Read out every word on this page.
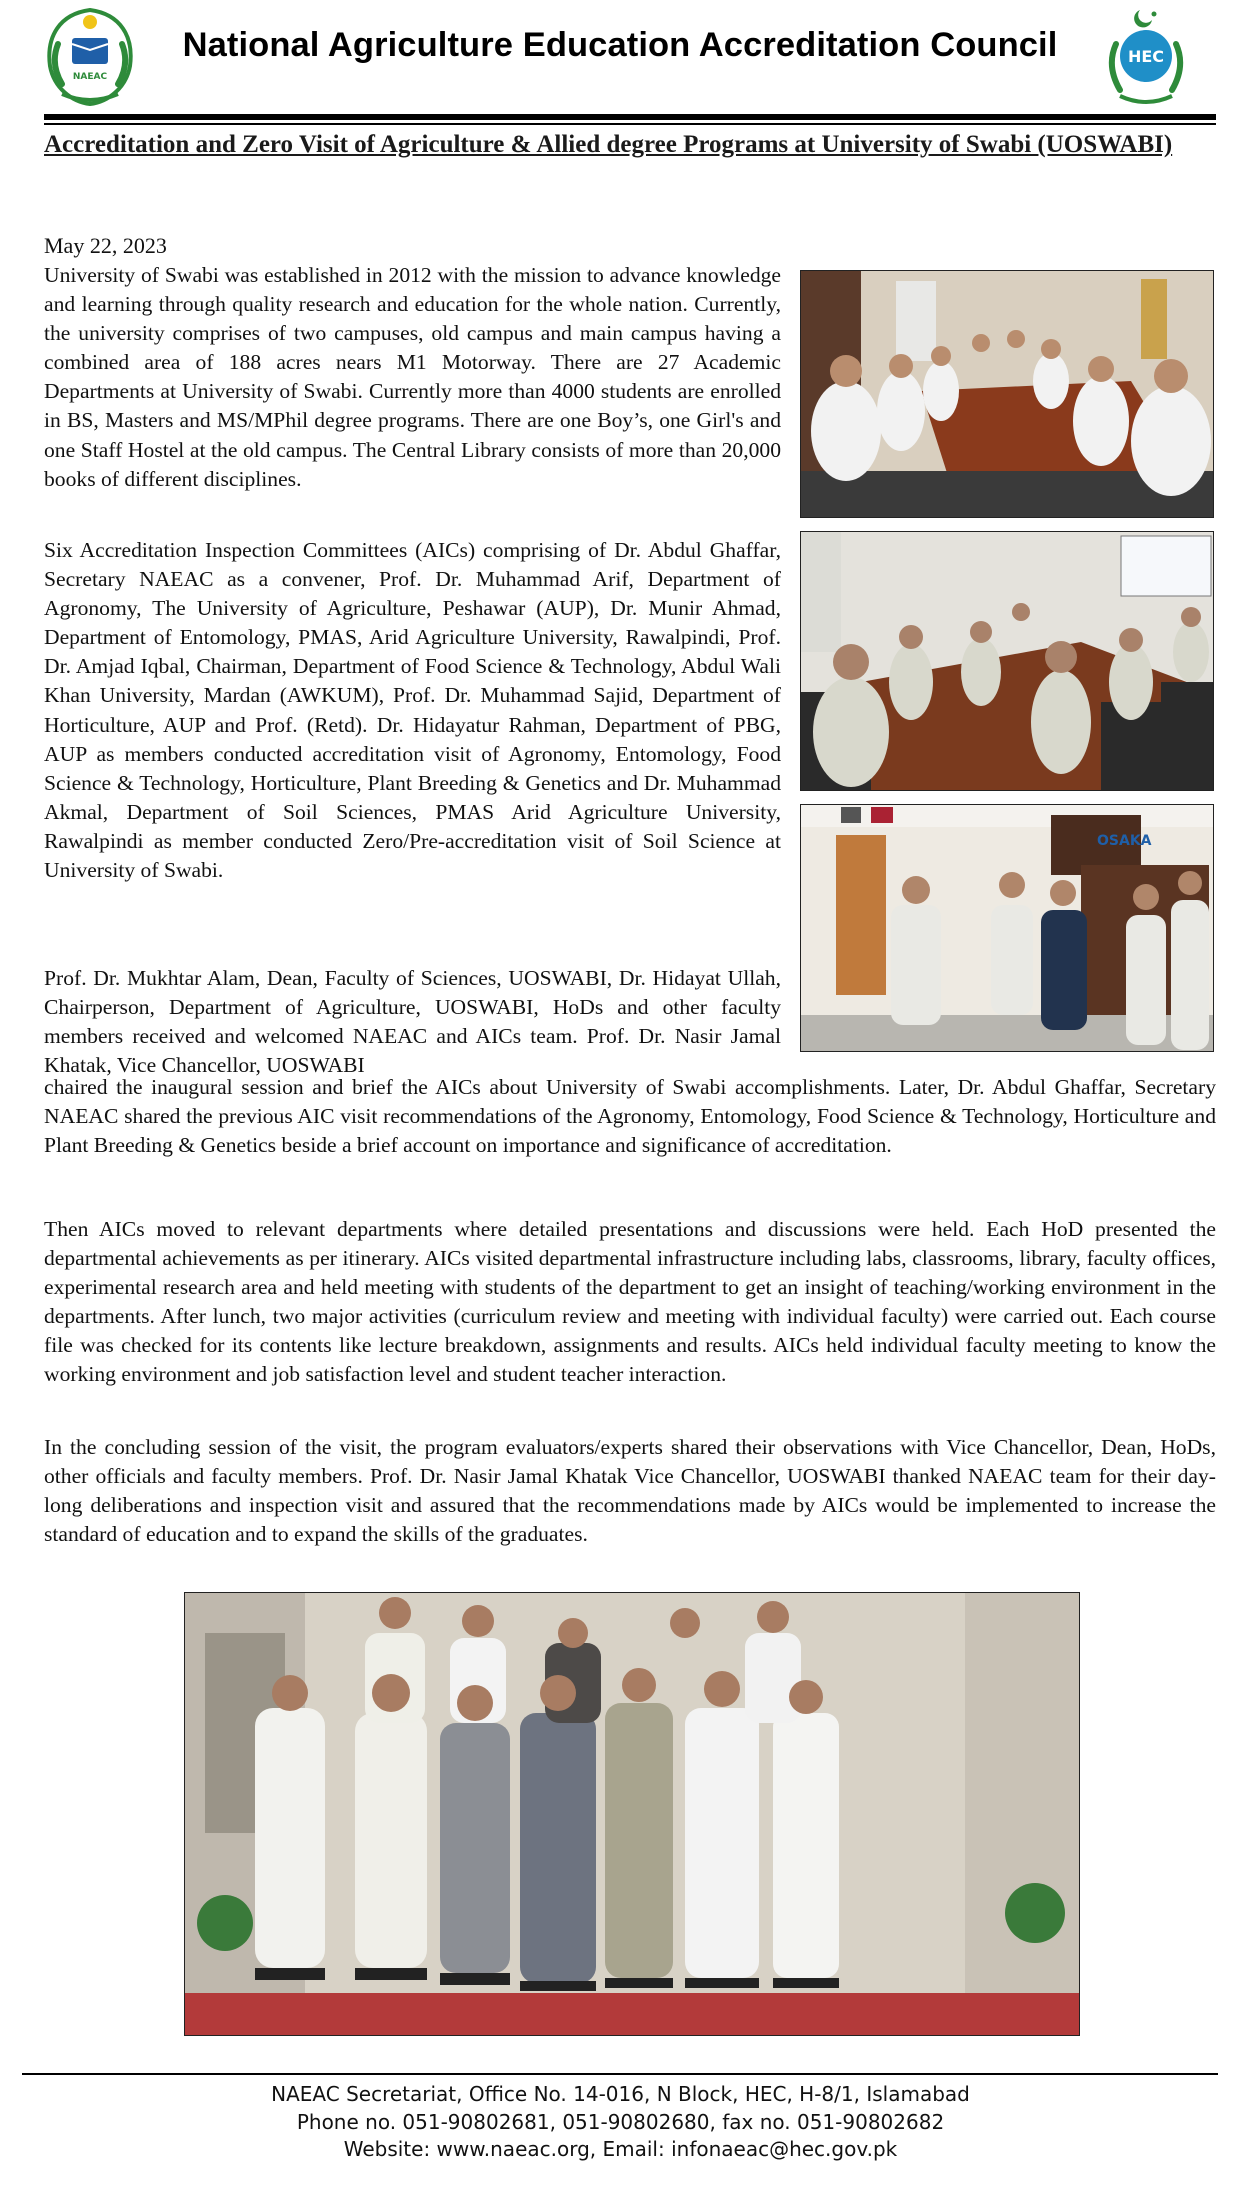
NAEAC
National Agriculture Education Accreditation Council	HEC
Accreditation and Zero Visit of Agriculture & Allied degree Programs at University of Swabi (UOSWABI)
May 22, 2023

University of Swabi was established in 2012 with the mission to advance knowledge and learning through quality research and education for the whole nation. Currently, the university comprises of two campuses, old campus and main campus having a combined area of 188 acres nears M1 Motorway. There are 27 Academic Departments at University of Swabi. Currently more than 4000 students are enrolled in BS, Masters and MS/MPhil degree programs. There are one Boy’s, one Girl's and one Staff Hostel at the old campus. The Central Library consists of more than 20,000 books of different disciplines.

Six Accreditation Inspection Committees (AICs) comprising of Dr. Abdul Ghaffar, Secretary NAEAC as a convener, Prof. Dr. Muhammad Arif, Department of Agronomy, The University of Agriculture, Peshawar (AUP), Dr. Munir Ahmad, Department of Entomology, PMAS, Arid Agriculture University, Rawalpindi, Prof. Dr. Amjad Iqbal, Chairman, Department of Food Science & Technology, Abdul Wali Khan University, Mardan (AWKUM), Prof. Dr. Muhammad Sajid, Department of Horticulture, AUP and Prof. (Retd). Dr. Hidayatur Rahman, Department of PBG, AUP as members conducted accreditation visit of Agronomy, Entomology, Food Science & Technology, Horticulture, Plant Breeding & Genetics and Dr. Muhammad Akmal, Department of Soil Sciences, PMAS Arid Agriculture University, Rawalpindi as member conducted Zero/Pre-accreditation visit of Soil Science at University of Swabi.

Prof. Dr. Mukhtar Alam, Dean, Faculty of Sciences, UOSWABI, Dr. Hidayat Ullah, Chairperson, Department of Agriculture, UOSWABI, HoDs and other faculty members received and welcomed NAEAC and AICs team. Prof. Dr. Nasir Jamal Khatak, Vice Chancellor, UOSWABI

chaired the inaugural session and brief the AICs about University of Swabi accomplishments. Later, Dr. Abdul Ghaffar, Secretary NAEAC shared the previous AIC visit recommendations of the Agronomy, Entomology, Food Science & Technology, Horticulture and Plant Breeding & Genetics beside a brief account on importance and significance of accreditation.

Then AICs moved to relevant departments where detailed presentations and discussions were held. Each HoD presented the departmental achievements as per itinerary. AICs visited departmental infrastructure including labs, classrooms, library, faculty offices, experimental research area and held meeting with students of the department to get an insight of teaching/working environment in the departments. After lunch, two major activities (curriculum review and meeting with individual faculty) were carried out. Each course file was checked for its contents like lecture breakdown, assignments and results. AICs held individual faculty meeting to know the working environment and job satisfaction level and student teacher interaction.

In the concluding session of the visit, the program evaluators/experts shared their observations with Vice Chancellor, Dean, HoDs, other officials and faculty members. Prof. Dr. Nasir Jamal Khatak Vice Chancellor, UOSWABI thanked NAEAC team for their day-long deliberations and inspection visit and assured that the recommendations made by AICs would be implemented to increase the standard of education and to expand the skills of the graduates.

OSAKA
NAEAC Secretariat, Office No. 14-016, N Block, HEC, H-8/1, Islamabad
Phone no. 051-90802681, 051-90802680, fax no. 051-90802682
Website: www.naeac.org, Email: infonaeac@hec.gov.pk
